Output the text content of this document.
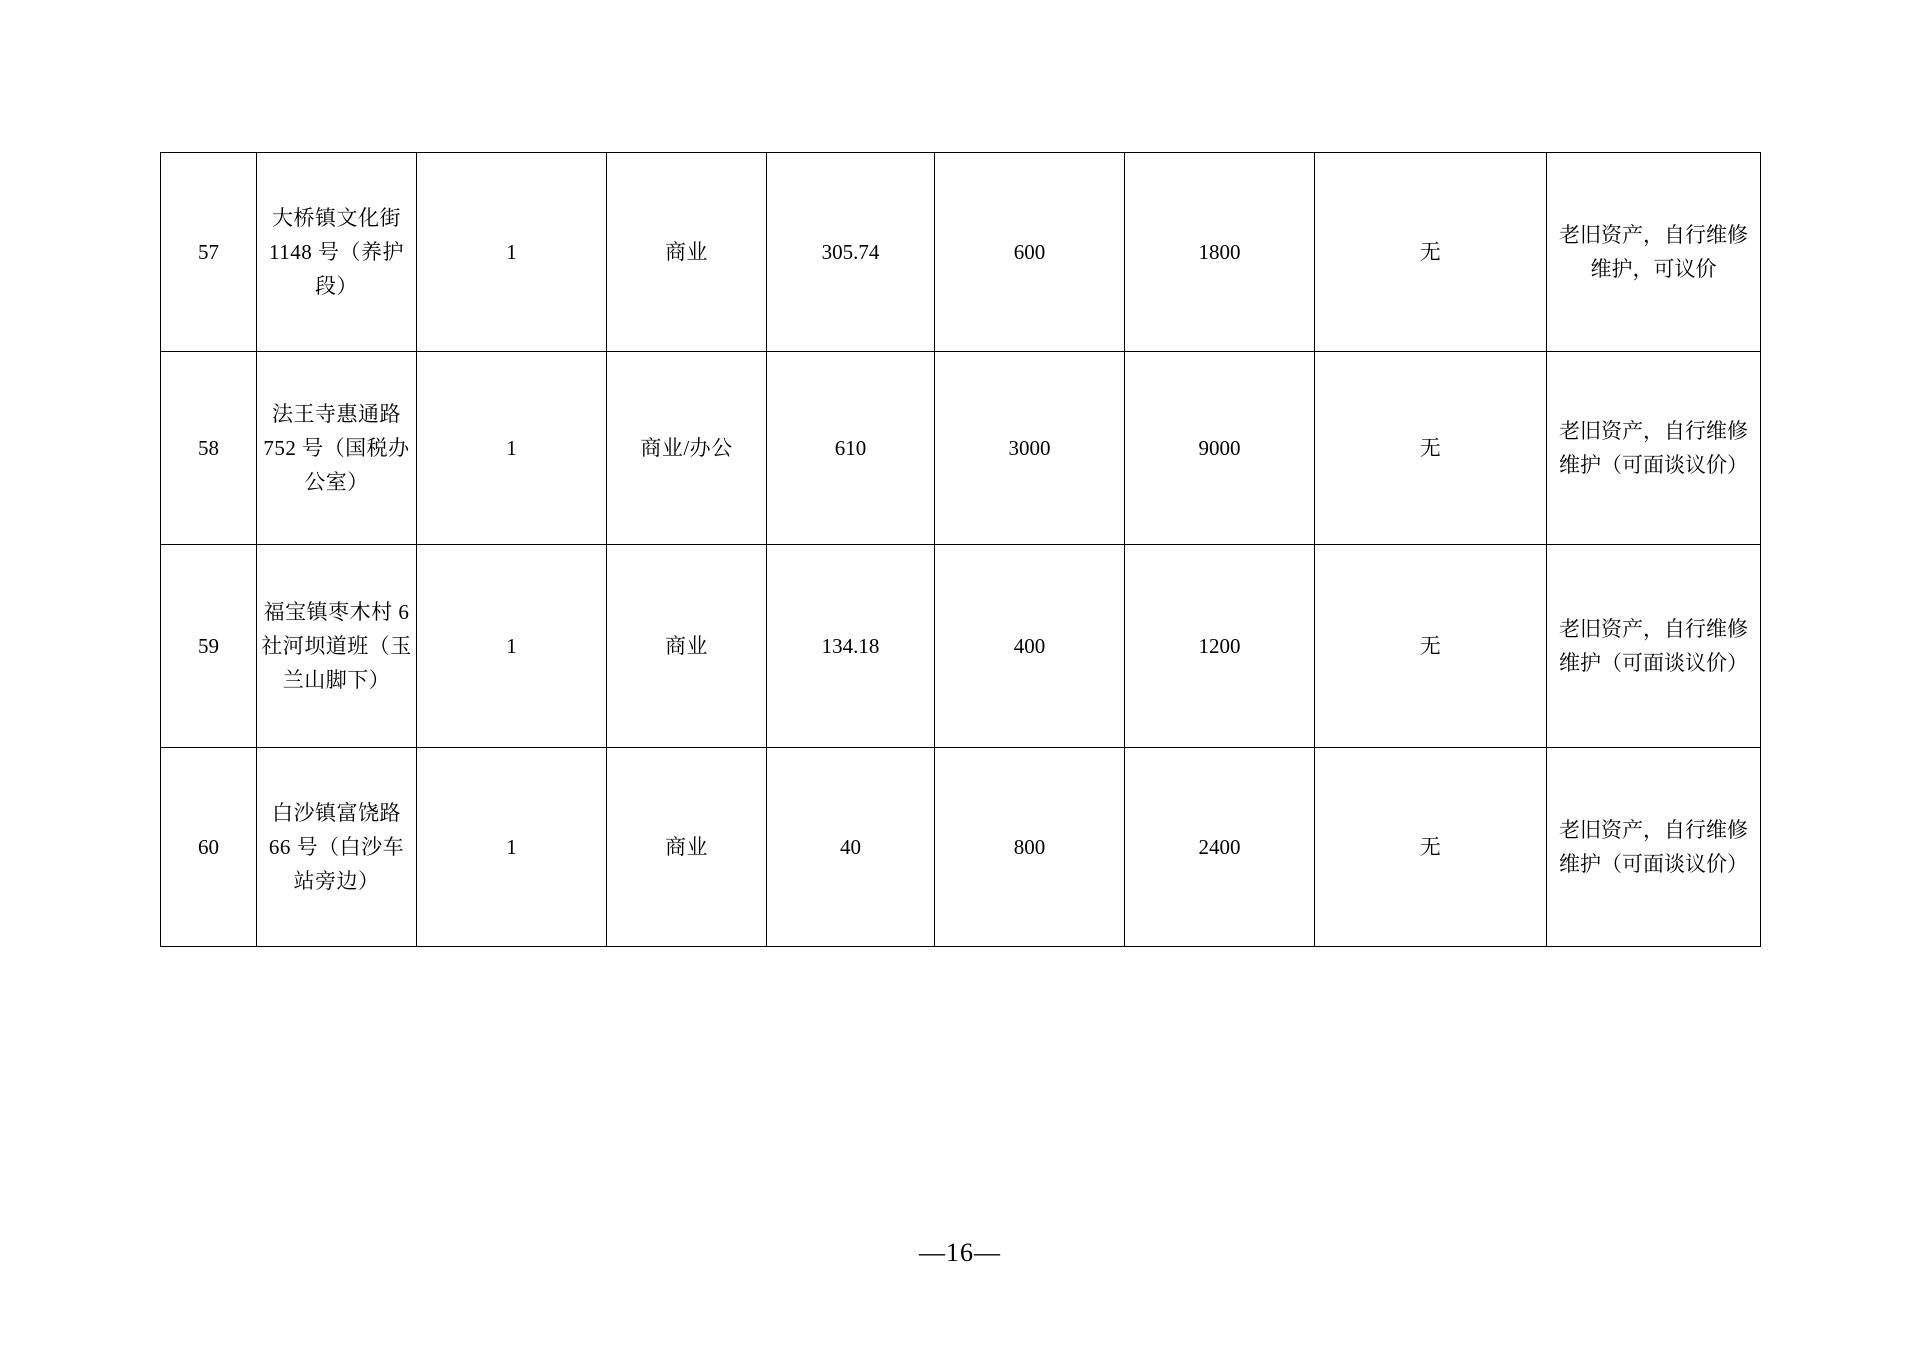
57	大桥镇文化街 1148 号（养护段）	1	商业	305.74	600	1800	无	老旧资产，自行维修维护，可议价
58	法王寺惠通路 752 号（国税办公室）	1	商业/办公	610	3000	9000	无	老旧资产，自行维修维护（可面谈议价）
59	福宝镇枣木村 6 社河坝道班（玉兰山脚下）	1	商业	134.18	400	1200	无	老旧资产，自行维修维护（可面谈议价）
60	白沙镇富饶路 66 号（白沙车站旁边）	1	商业	40	800	2400	无	老旧资产，自行维修维护（可面谈议价）
—16—
